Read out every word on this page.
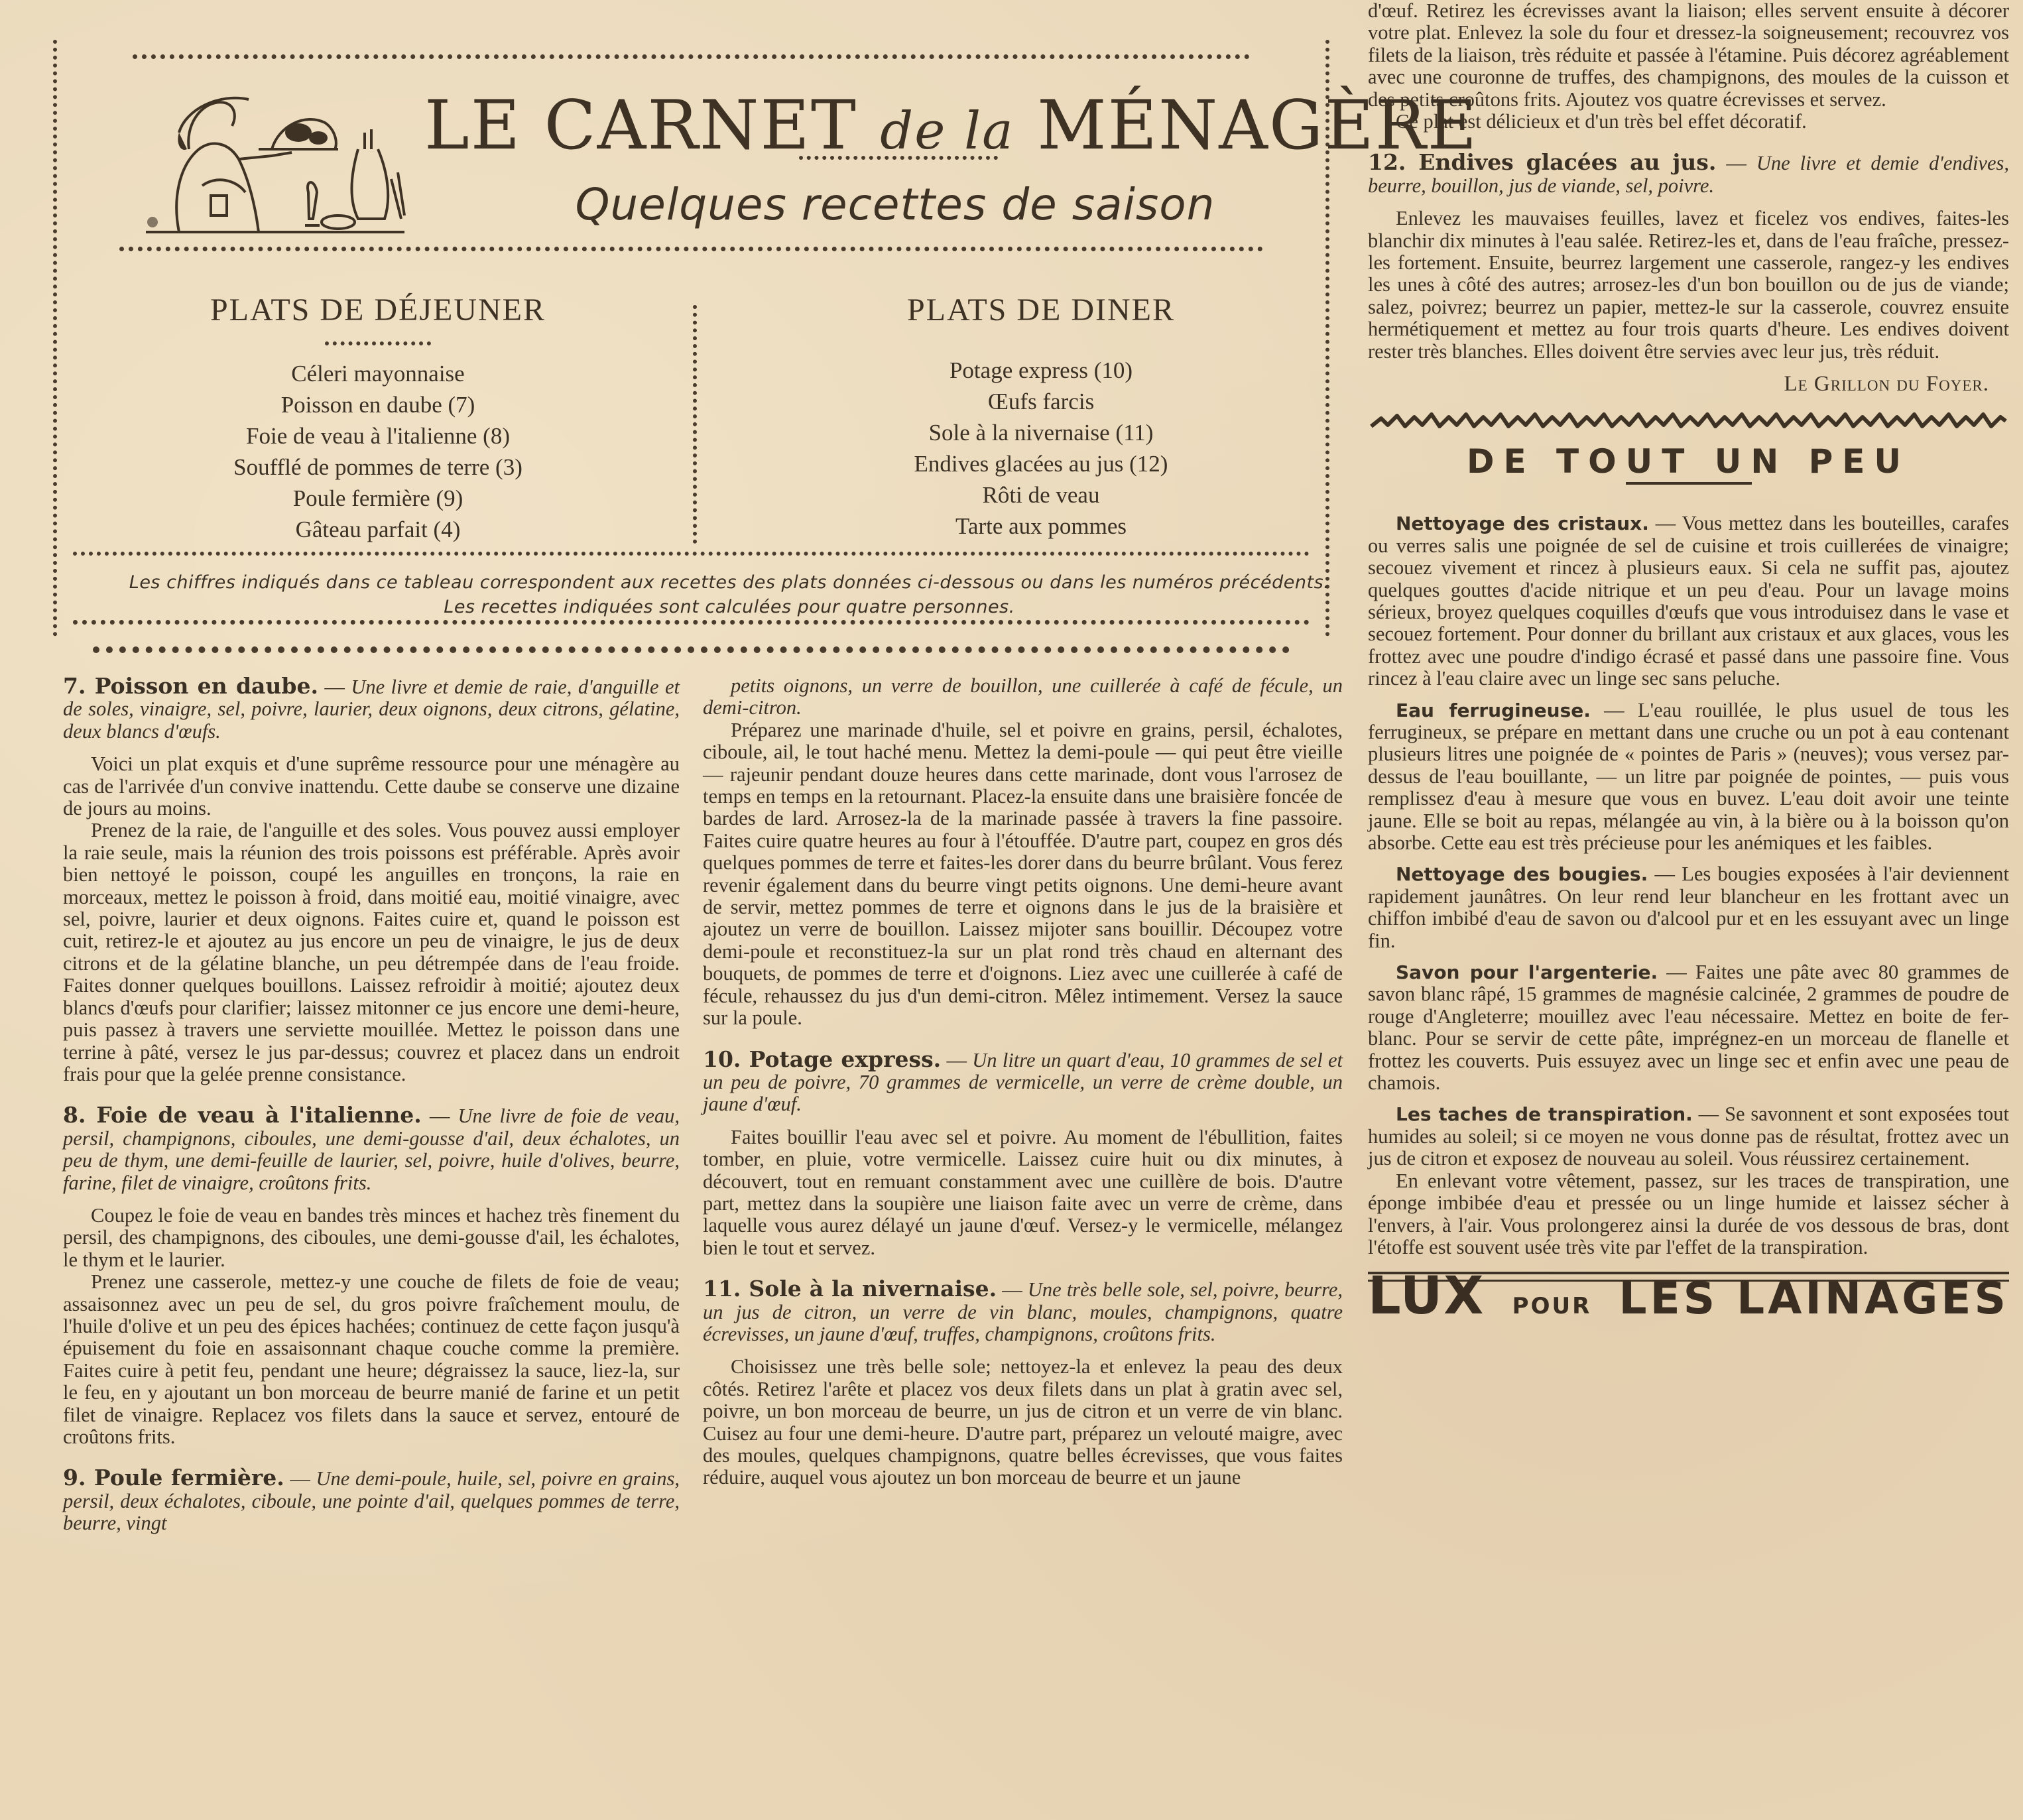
LE CARNET de la MÉNAGÈRE
Quelques recettes de saison
PLATS DE DÉJEUNER
Céleri mayonnaise
Poisson en daube (7)
Foie de veau à l'italienne (8)
Soufflé de pommes de terre (3)
Poule fermière (9)
Gâteau parfait (4)
PLATS DE DINER
Potage express (10)
Œufs farcis
Sole à la nivernaise (11)
Endives glacées au jus (12)
Rôti de veau
Tarte aux pommes
Les chiffres indiqués dans ce tableau correspondent aux recettes des plats données ci-dessous ou dans les numéros précédents. Les recettes indiquées sont calculées pour quatre personnes.

7. Poisson en daube. — Une livre et demie de raie, d'anguille et de soles, vinaigre, sel, poivre, laurier, deux oignons, deux citrons, gélatine, deux blancs d'œufs.

Voici un plat exquis et d'une suprême ressource pour une ménagère au cas de l'arrivée d'un convive inattendu. Cette daube se conserve une dizaine de jours au moins.

Prenez de la raie, de l'anguille et des soles. Vous pouvez aussi employer la raie seule, mais la réunion des trois poissons est préférable. Après avoir bien nettoyé le poisson, coupé les anguilles en tronçons, la raie en morceaux, mettez le poisson à froid, dans moitié eau, moitié vinaigre, avec sel, poivre, laurier et deux oignons. Faites cuire et, quand le poisson est cuit, retirez-le et ajoutez au jus encore un peu de vinaigre, le jus de deux citrons et de la gélatine blanche, un peu détrempée dans de l'eau froide. Faites donner quelques bouillons. Laissez refroidir à moitié; ajoutez deux blancs d'œufs pour clarifier; laissez mitonner ce jus encore une demi-heure, puis passez à travers une serviette mouillée. Mettez le poisson dans une terrine à pâté, versez le jus par-dessus; couvrez et placez dans un endroit frais pour que la gelée prenne consistance.

8. Foie de veau à l'italienne. — Une livre de foie de veau, persil, champignons, ciboules, une demi-gousse d'ail, deux échalotes, un peu de thym, une demi-feuille de laurier, sel, poivre, huile d'olives, beurre, farine, filet de vinaigre, croûtons frits.

Coupez le foie de veau en bandes très minces et hachez très finement du persil, des champignons, des ciboules, une demi-gousse d'ail, les échalotes, le thym et le laurier.

Prenez une casserole, mettez-y une couche de filets de foie de veau; assaisonnez avec un peu de sel, du gros poivre fraîchement moulu, de l'huile d'olive et un peu des épices hachées; continuez de cette façon jusqu'à épuisement du foie en assaisonnant chaque couche comme la première. Faites cuire à petit feu, pendant une heure; dégraissez la sauce, liez-la, sur le feu, en y ajoutant un bon morceau de beurre manié de farine et un petit filet de vinaigre. Replacez vos filets dans la sauce et servez, entouré de croûtons frits.

9. Poule fermière. — Une demi-poule, huile, sel, poivre en grains, persil, deux échalotes, ciboule, une pointe d'ail, quelques pommes de terre, beurre, vingt

petits oignons, un verre de bouillon, une cuillerée à café de fécule, un demi-citron.

Préparez une marinade d'huile, sel et poivre en grains, persil, échalotes, ciboule, ail, le tout haché menu. Mettez la demi-poule — qui peut être vieille — rajeunir pendant douze heures dans cette marinade, dont vous l'arrosez de temps en temps en la retournant. Placez-la ensuite dans une braisière foncée de bardes de lard. Arrosez-la de la marinade passée à travers la fine passoire. Faites cuire quatre heures au four à l'étouffée. D'autre part, coupez en gros dés quelques pommes de terre et faites-les dorer dans du beurre brûlant. Vous ferez revenir également dans du beurre vingt petits oignons. Une demi-heure avant de servir, mettez pommes de terre et oignons dans le jus de la braisière et ajoutez un verre de bouillon. Laissez mijoter sans bouillir. Découpez votre demi-poule et reconstituez-la sur un plat rond très chaud en alternant des bouquets, de pommes de terre et d'oignons. Liez avec une cuillerée à café de fécule, rehaussez du jus d'un demi-citron. Mêlez intimement. Versez la sauce sur la poule.

10. Potage express. — Un litre un quart d'eau, 10 grammes de sel et un peu de poivre, 70 grammes de vermicelle, un verre de crème double, un jaune d'œuf.

Faites bouillir l'eau avec sel et poivre. Au moment de l'ébullition, faites tomber, en pluie, votre vermicelle. Laissez cuire huit ou dix minutes, à découvert, tout en remuant constamment avec une cuillère de bois. D'autre part, mettez dans la soupière une liaison faite avec un verre de crème, dans laquelle vous aurez délayé un jaune d'œuf. Versez-y le vermicelle, mélangez bien le tout et servez.

11. Sole à la nivernaise. — Une très belle sole, sel, poivre, beurre, un jus de citron, un verre de vin blanc, moules, champignons, quatre écrevisses, un jaune d'œuf, truffes, champignons, croûtons frits.

Choisissez une très belle sole; nettoyez-la et enlevez la peau des deux côtés. Retirez l'arête et placez vos deux filets dans un plat à gratin avec sel, poivre, un bon morceau de beurre, un jus de citron et un verre de vin blanc. Cuisez au four une demi-heure. D'autre part, préparez un velouté maigre, avec des moules, quelques champignons, quatre belles écrevisses, que vous faites réduire, auquel vous ajoutez un bon morceau de beurre et un jaune

d'œuf. Retirez les écrevisses avant la liaison; elles servent ensuite à décorer votre plat. Enlevez la sole du four et dressez-la soigneusement; recouvrez vos filets de la liaison, très réduite et passée à l'étamine. Puis décorez agréablement avec une couronne de truffes, des champignons, des moules de la cuisson et des petits croûtons frits. Ajoutez vos quatre écrevisses et servez.

Ce plat est délicieux et d'un très bel effet décoratif.

12. Endives glacées au jus. — Une livre et demie d'endives, beurre, bouillon, jus de viande, sel, poivre.

Enlevez les mauvaises feuilles, lavez et ficelez vos endives, faites-les blanchir dix minutes à l'eau salée. Retirez-les et, dans de l'eau fraîche, pressez-les fortement. Ensuite, beurrez largement une casserole, rangez-y les endives les unes à côté des autres; arrosez-les d'un bon bouillon ou de jus de viande; salez, poivrez; beurrez un papier, mettez-le sur la casserole, couvrez ensuite hermétiquement et mettez au four trois quarts d'heure. Les endives doivent rester très blanches. Elles doivent être servies avec leur jus, très réduit.

Le Grillon du Foyer.
DE TOUT UN PEU

Nettoyage des cristaux. — Vous mettez dans les bouteilles, carafes ou verres salis une poignée de sel de cuisine et trois cuillerées de vinaigre; secouez vivement et rincez à plusieurs eaux. Si cela ne suffit pas, ajoutez quelques gouttes d'acide nitrique et un peu d'eau. Pour un lavage moins sérieux, broyez quelques coquilles d'œufs que vous introduisez dans le vase et secouez fortement. Pour donner du brillant aux cristaux et aux glaces, vous les frottez avec une poudre d'indigo écrasé et passé dans une passoire fine. Vous rincez à l'eau claire avec un linge sec sans peluche.

Eau ferrugineuse. — L'eau rouillée, le plus usuel de tous les ferrugineux, se prépare en mettant dans une cruche ou un pot à eau contenant plusieurs litres une poignée de « pointes de Paris » (neuves); vous versez par-dessus de l'eau bouillante, — un litre par poignée de pointes, — puis vous remplissez d'eau à mesure que vous en buvez. L'eau doit avoir une teinte jaune. Elle se boit au repas, mélangée au vin, à la bière ou à la boisson qu'on absorbe. Cette eau est très précieuse pour les anémiques et les faibles.

Nettoyage des bougies. — Les bougies exposées à l'air deviennent rapidement jaunâtres. On leur rend leur blancheur en les frottant avec un chiffon imbibé d'eau de savon ou d'alcool pur et en les essuyant avec un linge fin.

Savon pour l'argenterie. — Faites une pâte avec 80 grammes de savon blanc râpé, 15 grammes de magnésie calcinée, 2 grammes de poudre de rouge d'Angleterre; mouillez avec l'eau nécessaire. Mettez en boite de fer-blanc. Pour se servir de cette pâte, imprégnez-en un morceau de flanelle et frottez les couverts. Puis essuyez avec un linge sec et enfin avec une peau de chamois.

Les taches de transpiration. — Se savonnent et sont exposées tout humides au soleil; si ce moyen ne vous donne pas de résultat, frottez avec un jus de citron et exposez de nouveau au soleil. Vous réussirez certainement.

En enlevant votre vêtement, passez, sur les traces de transpiration, une éponge imbibée d'eau et pressée ou un linge humide et laissez sécher à l'envers, à l'air. Vous prolongerez ainsi la durée de vos dessous de bras, dont l'étoffe est souvent usée très vite par l'effet de la transpiration.

LUX POUR LES LAINAGES
